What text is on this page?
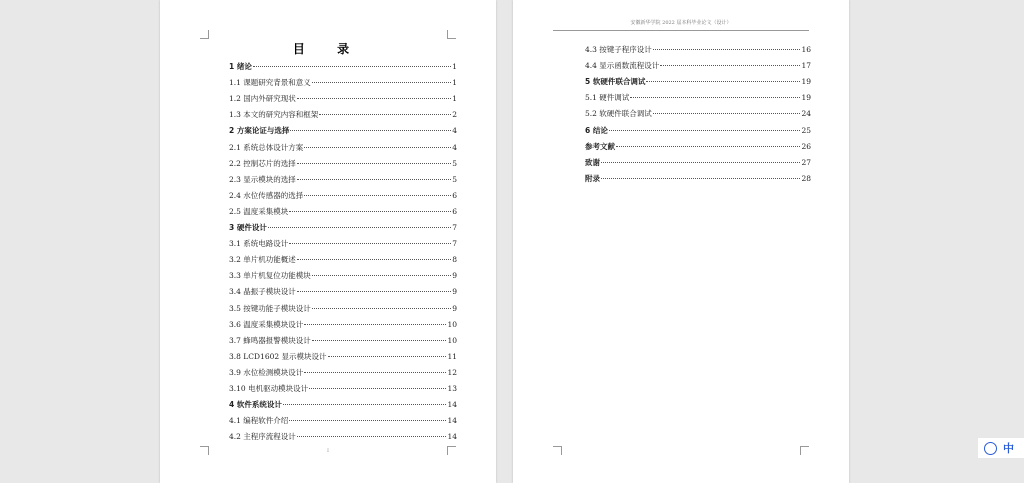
目 录
1 绪论	1
1.1 课题研究背景和意义	1
1.2 国内外研究现状	1
1.3 本文的研究内容和框架	2
2 方案论证与选择	4
2.1 系统总体设计方案	4
2.2 控制芯片的选择	5
2.3 显示模块的选择	5
2.4 水位传感器的选择	6
2.5 温度采集模块	6
3 硬件设计	7
3.1 系统电路设计	7
3.2 单片机功能概述	8
3.3 单片机复位功能模块	9
3.4 晶振子模块设计	9
3.5 按键功能子模块设计	9
3.6 温度采集模块设计	10
3.7 蜂鸣器报警模块设计	10
3.8 LCD1602 显示模块设计	11
3.9 水位检测模块设计	12
3.10 电机驱动模块设计	13
4 软件系统设计	14
4.1 编程软件介绍	14
4.2 主程序流程设计	14
I
安徽新华学院 2022 届本科毕业论文（设计）
4.3 按键子程序设计	16
4.4 显示函数流程设计	17
5 软硬件联合调试	19
5.1 硬件调试	19
5.2 软硬件联合调试	24
6 结论	25
参考文献	26
致谢	27
附录	28
中
